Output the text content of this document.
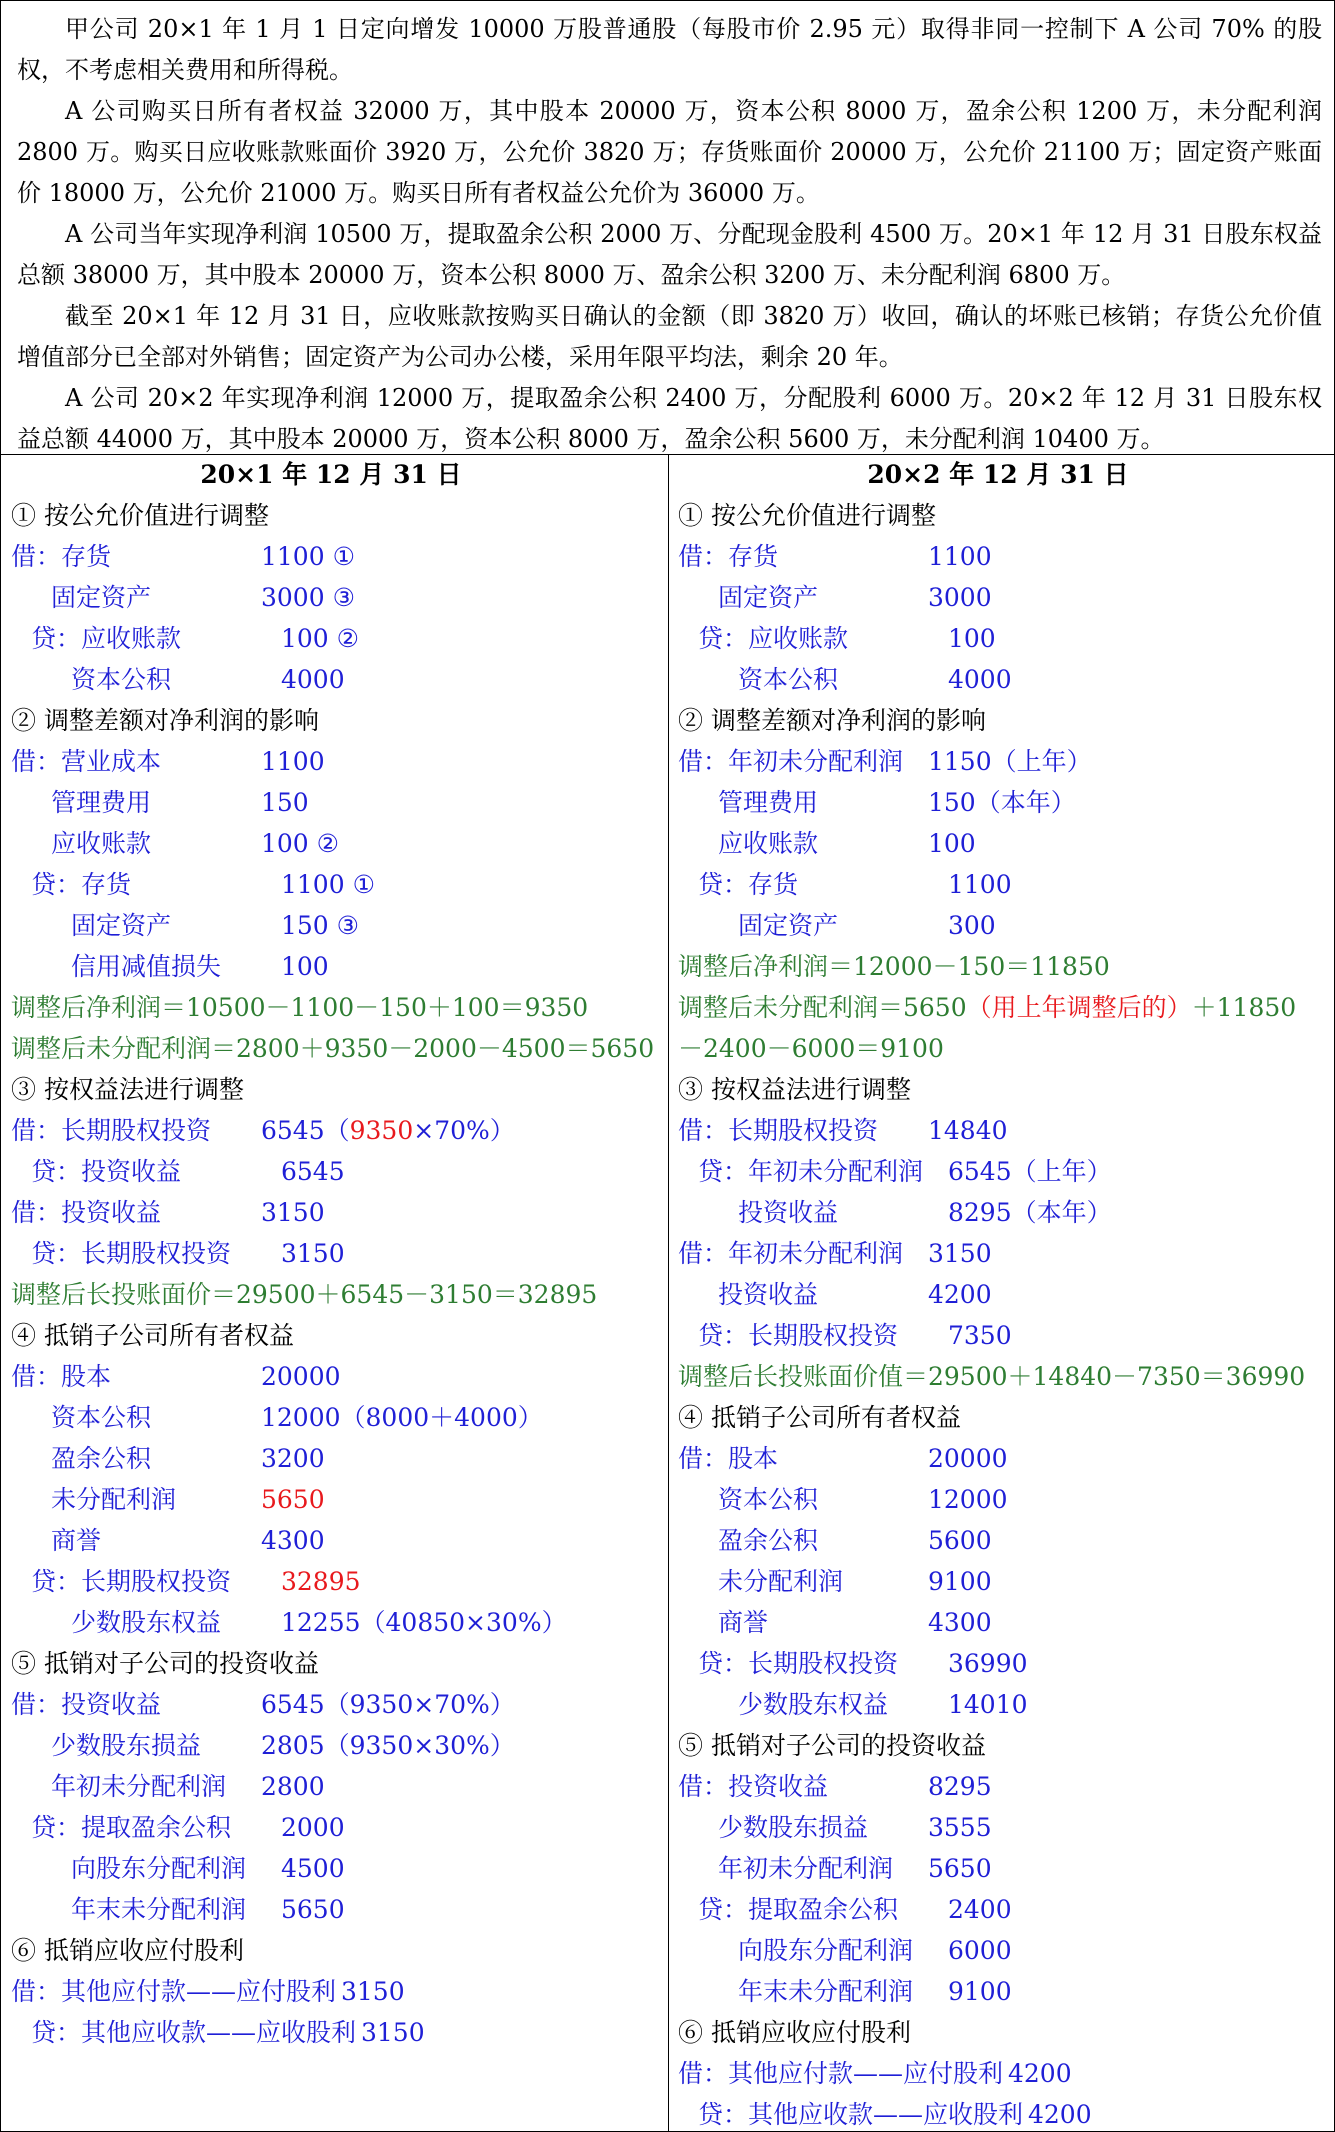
甲公司 20×1 年 1 月 1 日定向增发 10000 万股普通股（每股市价 2.95 元）取得非同一控制下 A 公司 70% 的股权，不考虑相关费用和所得税。

A 公司购买日所有者权益 32000 万，其中股本 20000 万，资本公积 8000 万，盈余公积 1200 万，未分配利润 2800 万。购买日应收账款账面价 3920 万，公允价 3820 万；存货账面价 20000 万，公允价 21100 万；固定资产账面价 18000 万，公允价 21000 万。购买日所有者权益公允价为 36000 万。

A 公司当年实现净利润 10500 万，提取盈余公积 2000 万、分配现金股利 4500 万。20×1 年 12 月 31 日股东权益总额 38000 万，其中股本 20000 万，资本公积 8000 万、盈余公积 3200 万、未分配利润 6800 万。

截至 20×1 年 12 月 31 日，应收账款按购买日确认的金额（即 3820 万）收回，确认的坏账已核销；存货公允价值增值部分已全部对外销售；固定资产为公司办公楼，采用年限平均法，剩余 20 年。

A 公司 20×2 年实现净利润 12000 万，提取盈余公积 2400 万，分配股利 6000 万。20×2 年 12 月 31 日股东权益总额 44000 万，其中股本 20000 万，资本公积 8000 万，盈余公积 5600 万，未分配利润 10400 万。

20×1 年 12 月 31 日
① 按公允价值进行调整
借：存货	1100 ①
固定资产	3000 ③
贷：应收账款	100 ②
资本公积	4000
② 调整差额对净利润的影响
借：营业成本	1100
管理费用	150
应收账款	100 ②
贷：存货	1100 ①
固定资产	150 ③
信用减值损失 100
调整后净利润＝10500－1100－150＋100＝9350
调整后未分配利润＝2800＋9350－2000－4500＝5650
③ 按权益法进行调整
借：长期股权投资 6545（9350×70%）
贷：投资收益	6545
借：投资收益	3150
贷：长期股权投资 3150
调整后长投账面价＝29500＋6545－3150＝32895
④ 抵销子公司所有者权益
借：股本	20000
资本公积	12000（8000＋4000）
盈余公积	3200
未分配利润	5650
商誉	4300
贷：长期股权投资 32895
少数股东权益 12255（40850×30%）
⑤ 抵销对子公司的投资收益
借：投资收益	6545（9350×70%）
少数股东损益 2805（9350×30%）
年初未分配利润 2800
贷：提取盈余公积 2000
向股东分配利润 4500
年末未分配利润 5650
⑥ 抵销应收应付股利
借：其他应付款——应付股利 3150
贷：其他应收款——应收股利 3150
20×2 年 12 月 31 日
① 按公允价值进行调整
借：存货	1100
固定资产	3000
贷：应收账款	100
资本公积	4000
② 调整差额对净利润的影响
借：年初未分配利润 1150（上年）
管理费用	150（本年）
应收账款	100
贷：存货	1100
固定资产	300
调整后净利润＝12000－150＝11850
调整后未分配利润＝5650（用上年调整后的）＋11850
－2400－6000＝9100
③ 按权益法进行调整
借：长期股权投资 14840
贷：年初未分配利润 6545（上年）
投资收益	8295（本年）
借：年初未分配利润 3150
投资收益	4200
贷：长期股权投资 7350
调整后长投账面价值＝29500＋14840－7350＝36990
④ 抵销子公司所有者权益
借：股本	20000
资本公积	12000
盈余公积	5600
未分配利润	9100
商誉	4300
贷：长期股权投资 36990
少数股东权益 14010
⑤ 抵销对子公司的投资收益
借：投资收益	8295
少数股东损益 3555
年初未分配利润 5650
贷：提取盈余公积 2400
向股东分配利润 6000
年末未分配利润 9100
⑥ 抵销应收应付股利
借：其他应付款——应付股利 4200
贷：其他应收款——应收股利 4200
